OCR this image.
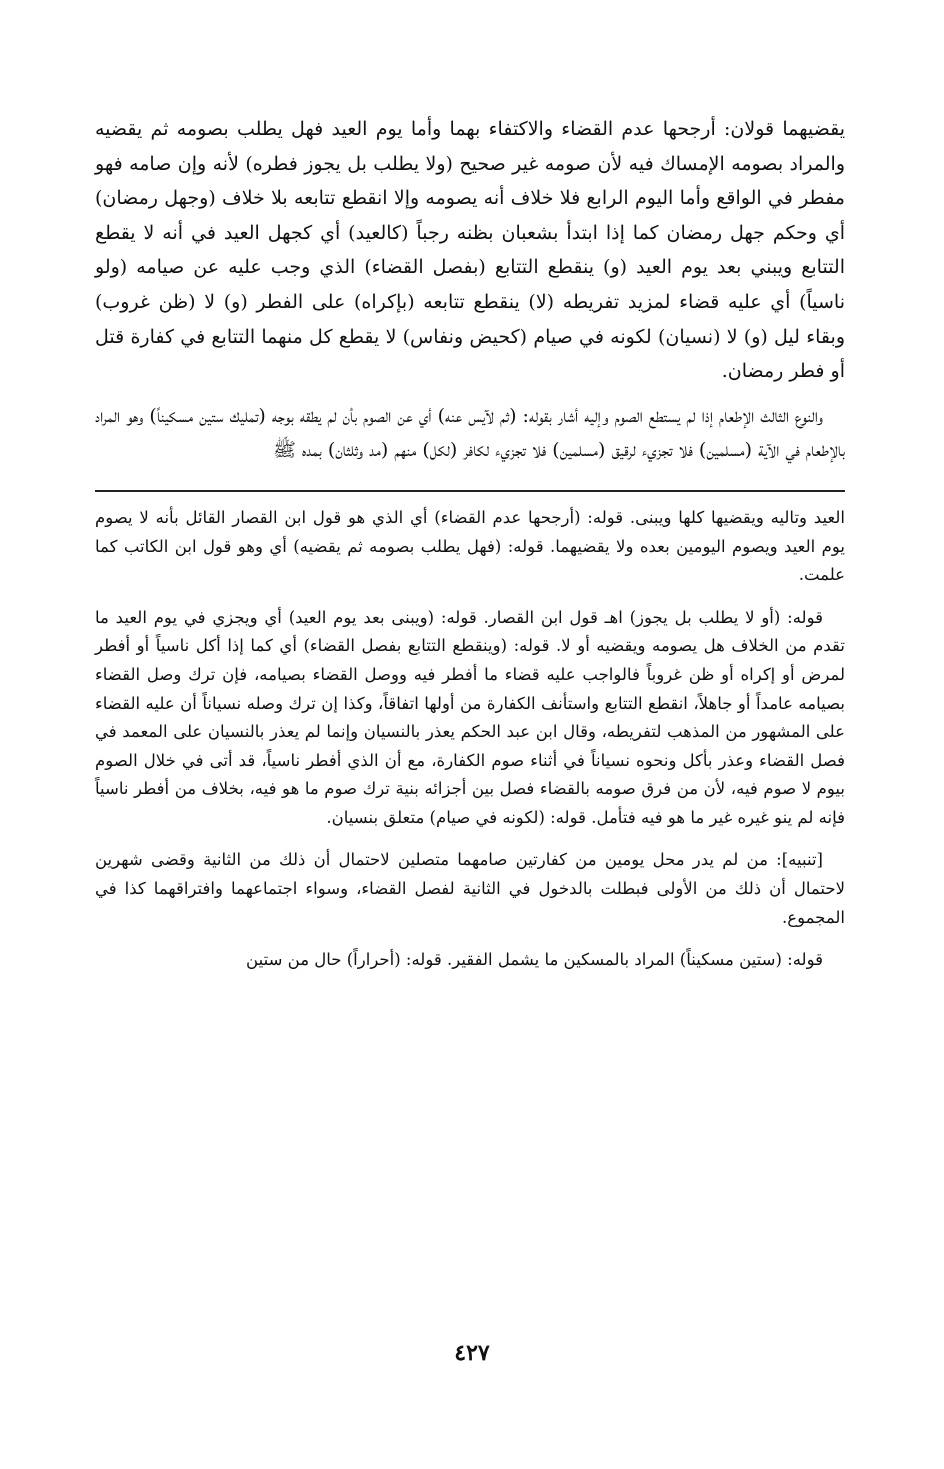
يقضيهما قولان: أرجحها عدم القضاء والاكتفاء بهما وأما يوم العيد فهل يطلب بصومه ثم يقضيه والمراد بصومه الإمساك فيه لأن صومه غير صحيح (ولا يطلب بل يجوز فطره) لأنه وإن صامه فهو مفطر في الواقع وأما اليوم الرابع فلا خلاف أنه يصومه وإلا انقطع تتابعه بلا خلاف (وجهل رمضان) أي وحكم جهل رمضان كما إذا ابتدأ بشعبان بظنه رجباً (كالعيد) أي كجهل العيد في أنه لا يقطع التتابع ويبني بعد يوم العيد (و) ينقطع التتابع (بفصل القضاء) الذي وجب عليه عن صيامه (ولو ناسياً) أي عليه قضاء لمزيد تفريطه (لا) ينقطع تتابعه (بإكراه) على الفطر (و) لا (ظن غروب) وبقاء ليل (و) لا (نسيان) لكونه في صيام (كحيض ونفاس) لا يقطع كل منهما التتابع في كفارة قتل أو فطر رمضان.

والنوع الثالث الإطعام إذا لم يستطع الصوم وإليه أشار بقوله: (ثم لآيس عنه) أي عن الصوم بأن لم يطقه بوجه (تمليك ستين مسكيناً) وهو المراد بالإطعام في الآية (مسلمين) فلا تجزيء لرقيق (مسلمين) فلا تجزيء لكافر (لكل) منهم (مد وثلثان) بمده ﷺ

العيد وتاليه ويقضيها كلها ويبنى. قوله: (أرجحها عدم القضاء) أي الذي هو قول ابن القصار القائل بأنه لا يصوم يوم العيد ويصوم اليومين بعده ولا يقضيهما. قوله: (فهل يطلب بصومه ثم يقضيه) أي وهو قول ابن الكاتب كما علمت.

قوله: (أو لا يطلب بل يجوز) اهـ قول ابن القصار. قوله: (ويبنى بعد يوم العيد) أي ويجزي في يوم العيد ما تقدم من الخلاف هل يصومه ويقضيه أو لا. قوله: (وينقطع التتابع بفصل القضاء) أي كما إذا أكل ناسياً أو أفطر لمرض أو إكراه أو ظن غروباً فالواجب عليه قضاء ما أفطر فيه ووصل القضاء بصيامه، فإن ترك وصل القضاء بصيامه عامداً أو جاهلاً، انقطع التتابع واستأنف الكفارة من أولها اتفاقاً، وكذا إن ترك وصله نسياناً أن عليه القضاء على المشهور من المذهب لتفريطه، وقال ابن عبد الحكم يعذر بالنسيان وإنما لم يعذر بالنسيان على المعمد في فصل القضاء وعذر بأكل ونحوه نسياناً في أثناء صوم الكفارة، مع أن الذي أفطر ناسياً، قد أتى في خلال الصوم بيوم لا صوم فيه، لأن من فرق صومه بالقضاء فصل بين أجزائه بنية ترك صوم ما هو فيه، بخلاف من أفطر ناسياً فإنه لم ينو غيره غير ما هو فيه فتأمل. قوله: (لكونه في صيام) متعلق بنسيان.

[تنبيه]: من لم يدر محل يومين من كفارتين صامهما متصلين لاحتمال أن ذلك من الثانية وقضى شهرين لاحتمال أن ذلك من الأولى فبطلت بالدخول في الثانية لفصل القضاء، وسواء اجتماعهما وافتراقهما كذا في المجموع.

قوله: (ستين مسكيناً) المراد بالمسكين ما يشمل الفقير. قوله: (أحراراً) حال من ستين

٤٢٧
